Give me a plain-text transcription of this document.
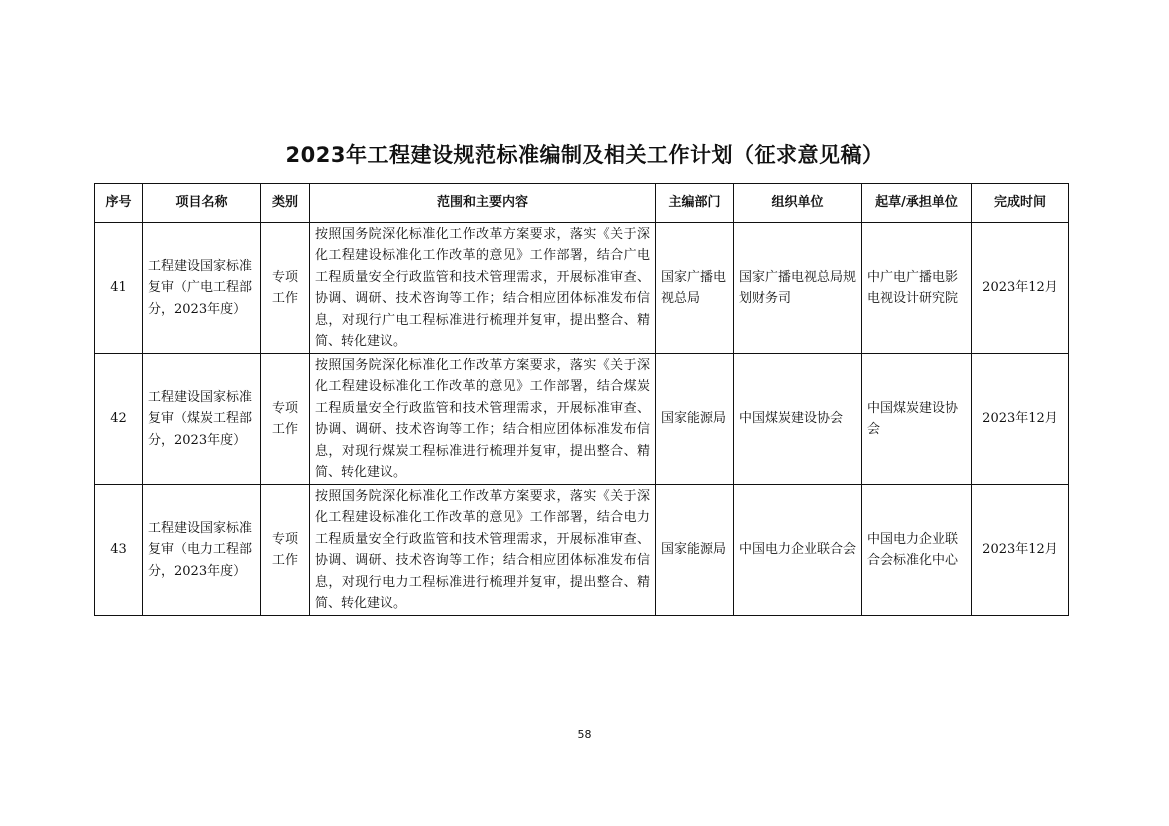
2023年工程建设规范标准编制及相关工作计划（征求意见稿）
序号	项目名称	类别	范围和主要内容	主编部门	组织单位	起草/承担单位	完成时间
41	工程建设国家标准复审（广电工程部分，2023年度）	专项工作	按照国务院深化标准化工作改革方案要求，落实《关于深化工程建设标准化工作改革的意见》工作部署，结合广电工程质量安全行政监管和技术管理需求，开展标准审查、协调、调研、技术咨询等工作；结合相应团体标准发布信息，对现行广电工程标准进行梳理并复审，提出整合、精简、转化建议。	国家广播电视总局	国家广播电视总局规划财务司	中广电广播电影电视设计研究院	2023年12月
42	工程建设国家标准复审（煤炭工程部分，2023年度）	专项工作	按照国务院深化标准化工作改革方案要求，落实《关于深化工程建设标准化工作改革的意见》工作部署，结合煤炭工程质量安全行政监管和技术管理需求，开展标准审查、协调、调研、技术咨询等工作；结合相应团体标准发布信息，对现行煤炭工程标准进行梳理并复审，提出整合、精简、转化建议。	国家能源局	中国煤炭建设协会	中国煤炭建设协会	2023年12月
43	工程建设国家标准复审（电力工程部分，2023年度）	专项工作	按照国务院深化标准化工作改革方案要求，落实《关于深化工程建设标准化工作改革的意见》工作部署，结合电力工程质量安全行政监管和技术管理需求，开展标准审查、协调、调研、技术咨询等工作；结合相应团体标准发布信息，对现行电力工程标准进行梳理并复审，提出整合、精简、转化建议。	国家能源局	中国电力企业联合会	中国电力企业联合会标准化中心	2023年12月
58
